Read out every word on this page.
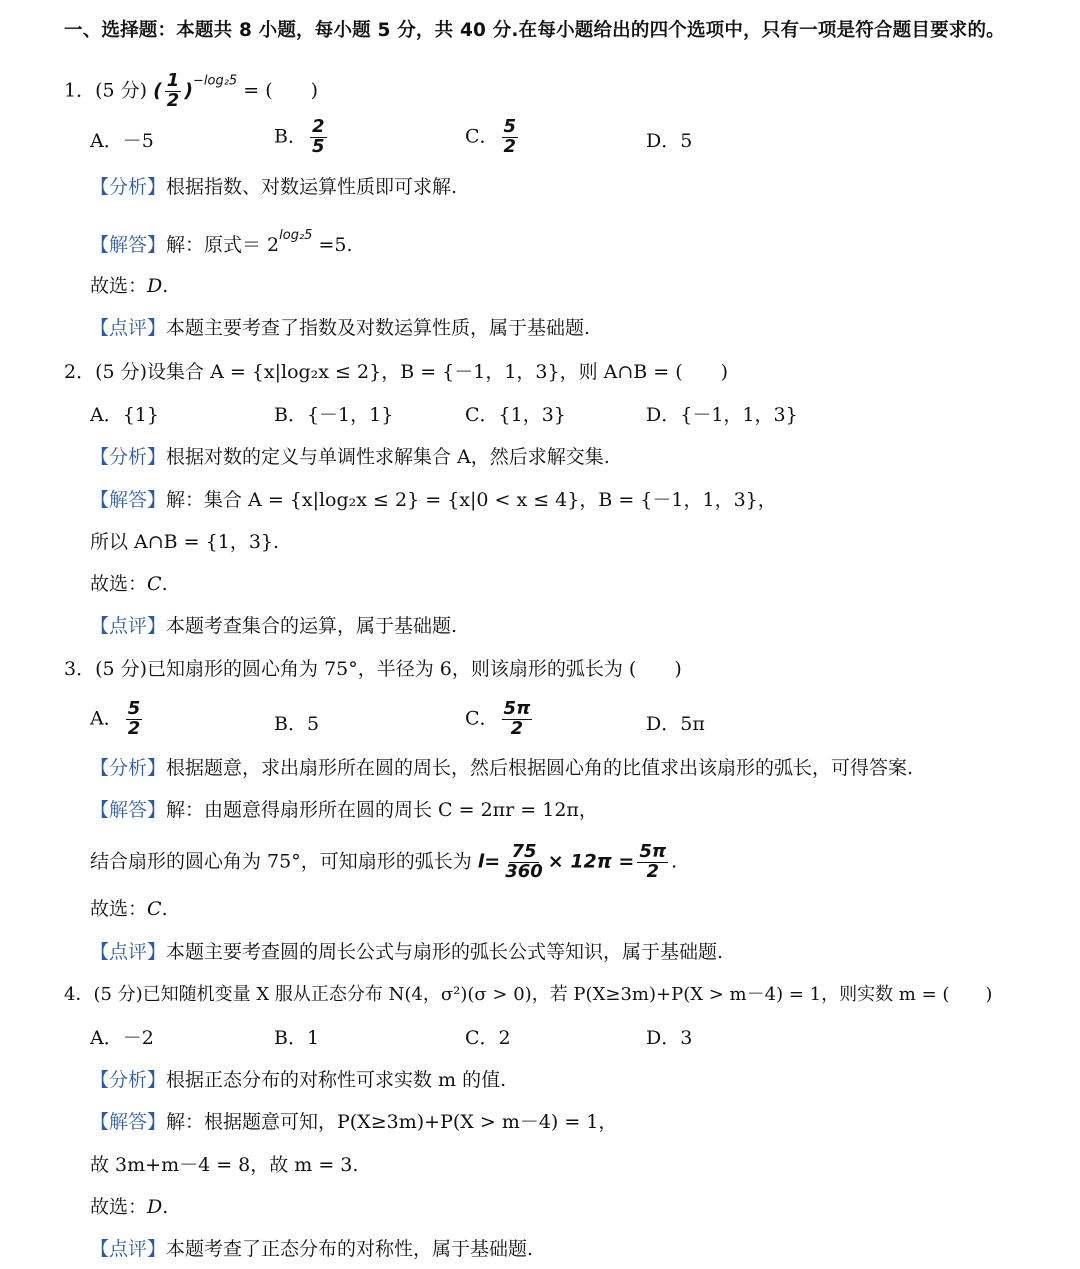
一、选择题：本题共 8 小题，每小题 5 分，共 40 分.在每小题给出的四个选项中，只有一项是符合题目要求的。
1．(5 分) ( $\frac{1}{2} )^{-log_25}$ = (　　)
A．－5	B． $\frac{2}{5}$	C． $\frac{5}{2}$	D．5
【分析】根据指数、对数运算性质即可求解.
【解答】解：原式＝ $2^{log_25} =5$.
故选：D.
【点评】本题主要考查了指数及对数运算性质，属于基础题.
2．(5 分)设集合 A = {x|log₂x ≤ 2}，B = {－1，1，3}，则 A∩B = (　　)
A．{1}	B．{－1，1}	C．{1，3}	D．{－1，1，3}
【分析】根据对数的定义与单调性求解集合 A，然后求解交集.
【解答】解：集合 A = {x|log₂x ≤ 2} = {x|0 < x ≤ 4}，B = {－1，1，3}，
所以 A∩B = {1，3}.
故选：C.
【点评】本题考查集合的运算，属于基础题.
3．(5 分)已知扇形的圆心角为 75°，半径为 6，则该扇形的弧长为 (　　)
A． $\frac{5}{2}$	B．5	C． $\frac{5\pi}{2}$	D．5π
【分析】根据题意，求出扇形所在圆的周长，然后根据圆心角的比值求出该扇形的弧长，可得答案.
【解答】解：由题意得扇形所在圆的周长 C = 2πr = 12π，
结合扇形的圆心角为 75°，可知扇形的弧长为 $l= \frac{75}{360} \times 12\pi = \frac{5\pi}{2}$ .
故选：C.
【点评】本题主要考查圆的周长公式与扇形的弧长公式等知识，属于基础题.
4．(5 分)已知随机变量 X 服从正态分布 N(4，σ²)(σ > 0)，若 P(X≥3m)+P(X > m－4) = 1，则实数 m = (　　)
A．－2	B．1	C．2	D．3
【分析】根据正态分布的对称性可求实数 m 的值.
【解答】解：根据题意可知，P(X≥3m)+P(X > m－4) = 1，
故 3m+m－4 = 8，故 m = 3.
故选：D.
【点评】本题考查了正态分布的对称性，属于基础题.
